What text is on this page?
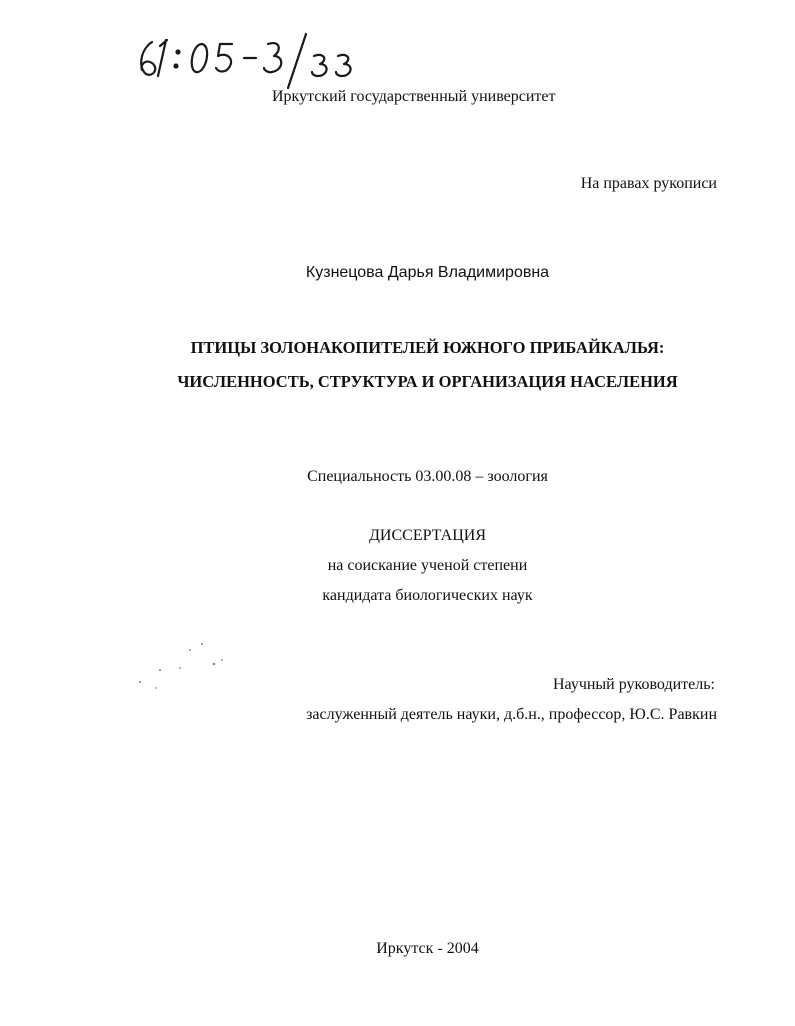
Иркутский государственный университет
На правах рукописи
Кузнецова Дарья Владимировна
ПТИЦЫ ЗОЛОНАКОПИТЕЛЕЙ ЮЖНОГО ПРИБАЙКАЛЬЯ:
ЧИСЛЕННОСТЬ, СТРУКТУРА И ОРГАНИЗАЦИЯ НАСЕЛЕНИЯ
Специальность 03.00.08 – зоология
ДИССЕРТАЦИЯ
на соискание ученой степени
кандидата биологических наук
Научный руководитель:
заслуженный деятель науки, д.б.н., профессор, Ю.С. Равкин
Иркутск - 2004
